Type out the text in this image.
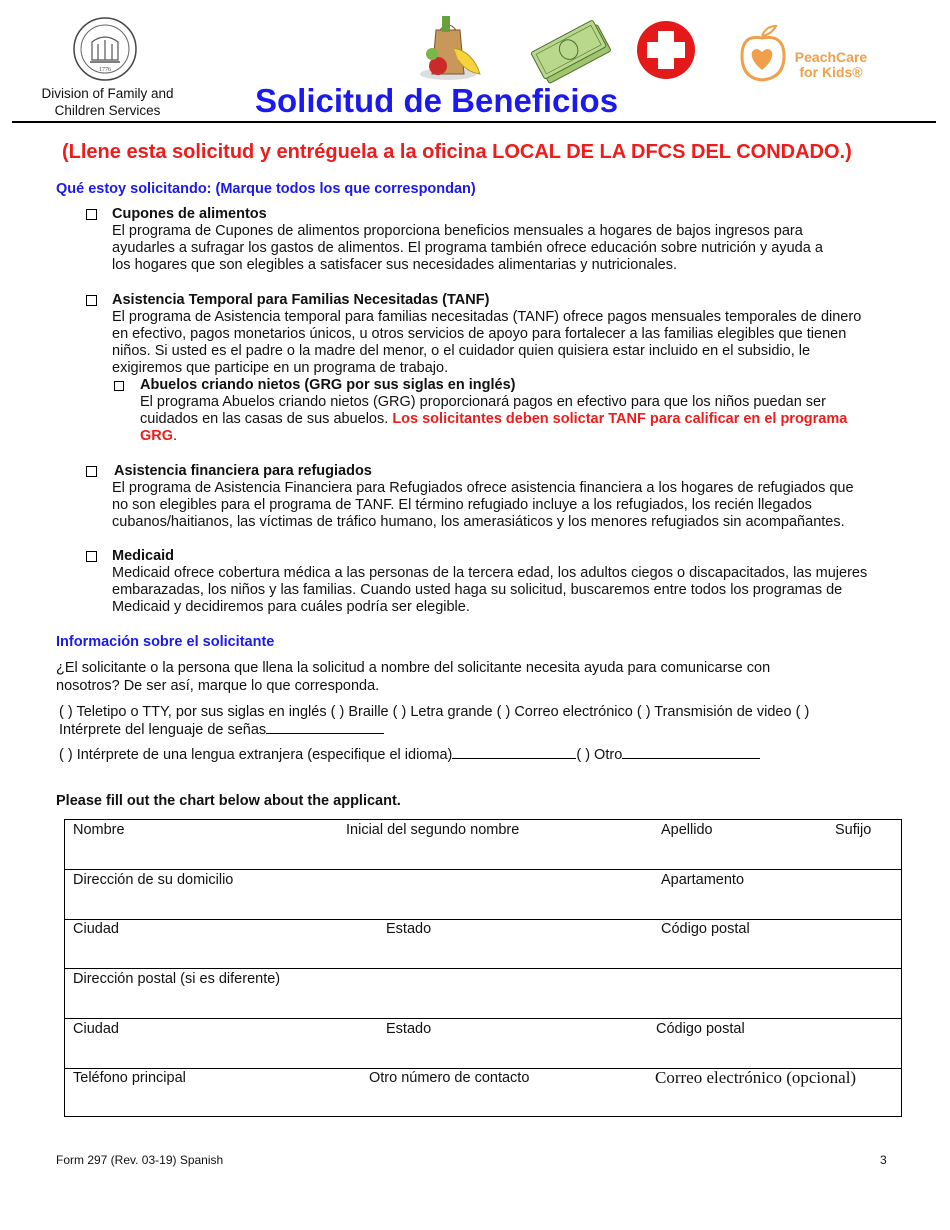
1776
Division of Family and
Children Services
PeachCare
for Kids®
Solicitud de Beneficios
(Llene esta solicitud y entréguela a la oficina LOCAL DE LA DFCS DEL CONDADO.)
Qué estoy solicitando: (Marque todos los que correspondan)
Cupones de alimentos
El programa de Cupones de alimentos proporciona beneficios mensuales a hogares de bajos ingresos para
ayudarles a sufragar los gastos de alimentos. El programa también ofrece educación sobre nutrición y ayuda a
los hogares que son elegibles a satisfacer sus necesidades alimentarias y nutricionales.
Asistencia Temporal para Familias Necesitadas (TANF)
El programa de Asistencia temporal para familias necesitadas (TANF) ofrece pagos mensuales temporales de dinero
en efectivo, pagos monetarios únicos, u otros servicios de apoyo para fortalecer a las familias elegibles que tienen
niños. Si usted es el padre o la madre del menor, o el cuidador quien quisiera estar incluido en el subsidio, le
exigiremos que participe en un programa de trabajo.
Abuelos criando nietos (GRG por sus siglas en inglés)
El programa Abuelos criando nietos (GRG) proporcionará pagos en efectivo para que los niños puedan ser
cuidados en las casas de sus abuelos. Los solicitantes deben solictar TANF para calificar en el programa
GRG.
Asistencia financiera para refugiados
El programa de Asistencia Financiera para Refugiados ofrece asistencia financiera a los hogares de refugiados que
no son elegibles para el programa de TANF. El término refugiado incluye a los refugiados, los recién llegados
cubanos/haitianos, las víctimas de tráfico humano, los amerasiáticos y los menores refugiados sin acompañantes.
Medicaid
Medicaid ofrece cobertura médica a las personas de la tercera edad, los adultos ciegos o discapacitados, las mujeres
embarazadas, los niños y las familias. Cuando usted haga su solicitud, buscaremos entre todos los programas de
Medicaid y decidiremos para cuáles podría ser elegible.
Información sobre el solicitante
¿El solicitante o la persona que llena la solicitud a nombre del solicitante necesita ayuda para comunicarse con
nosotros? De ser así, marque lo que corresponda.
( ) Teletipo o TTY, por sus siglas en inglés ( ) Braille ( ) Letra grande ( ) Correo electrónico ( ) Transmisión de video ( )
Intérprete del lenguaje de señas
( ) Intérprete de una lengua extranjera (especifique el idioma)	( ) Otro
Please fill out the chart below about the applicant.
Nombre	Inicial del segundo nombre	Apellido	Sufijo
Dirección de su domicilio	Apartamento
Ciudad	Estado	Código postal
Dirección postal (si es diferente)
Ciudad	Estado	Código postal
Teléfono principal	Otro número de contacto	Correo electrónico (opcional)
Form 297 (Rev. 03-19) Spanish	3
